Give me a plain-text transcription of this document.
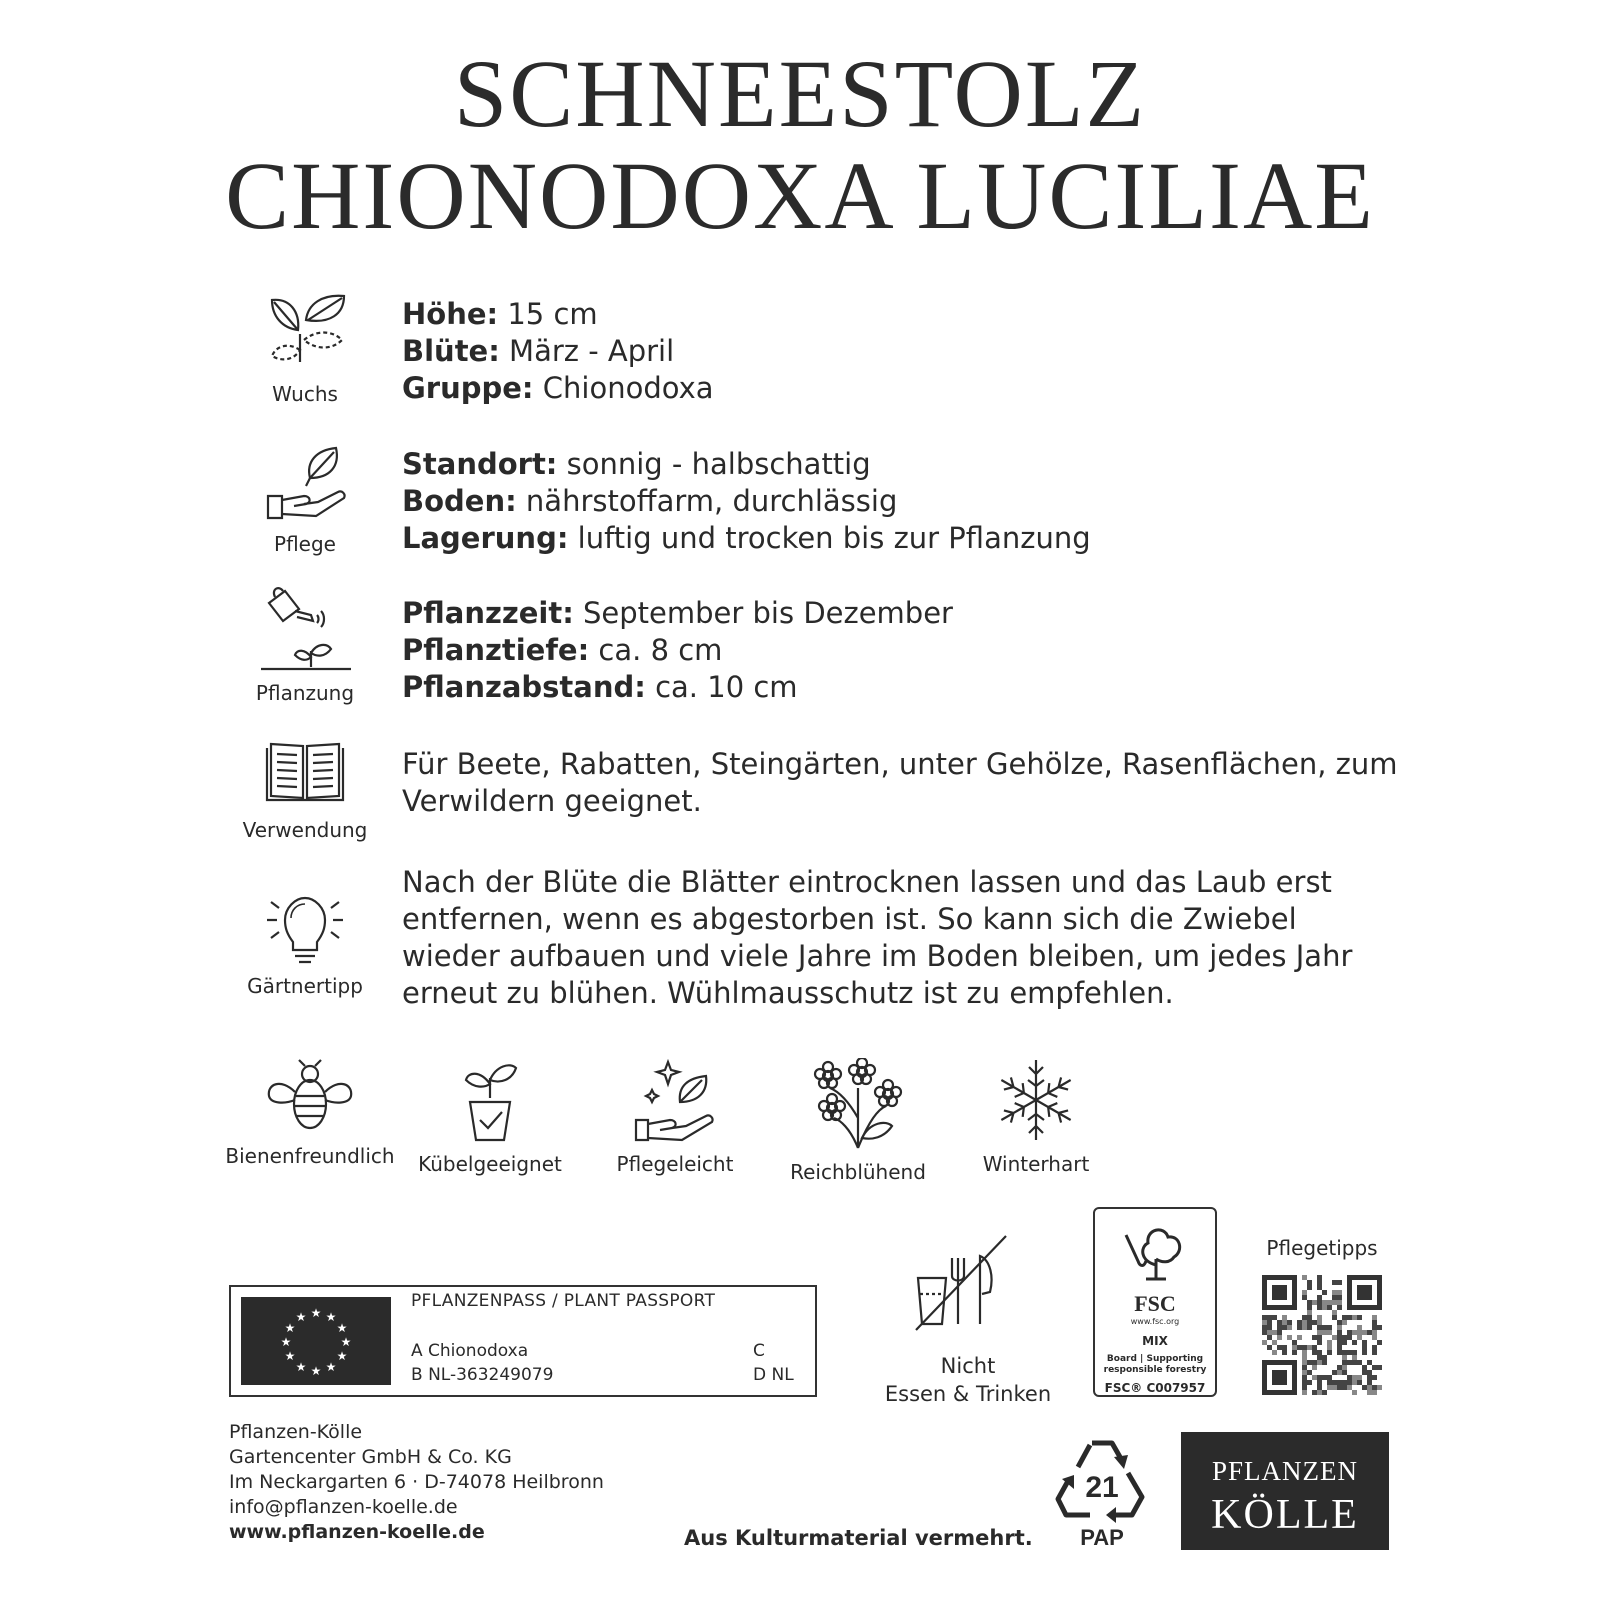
SCHNEESTOLZ
CHIONODOXA LUCILIAE
Wuchs
Höhe: 15 cm
Blüte: März - April
Gruppe: Chionodoxa
Pflege
Standort: sonnig - halbschattig
Boden: nährstoffarm, durchlässig
Lagerung: luftig und trocken bis zur Pflanzung
Pflanzung
Pflanzzeit: September bis Dezember
Pflanztiefe: ca. 8 cm
Pflanzabstand: ca. 10 cm
Verwendung
Für Beete, Rabatten, Steingärten, unter Gehölze, Rasenflächen, zum Verwildern geeignet.
Gärtnertipp
Nach der Blüte die Blätter eintrocknen lassen und das Laub erst entfernen, wenn es abgestorben ist. So kann sich die Zwiebel wieder aufbauen und viele Jahre im Boden bleiben, um jedes Jahr erneut zu blühen. Wühlmausschutz ist zu empfehlen.
Bienenfreundlich	Kübelgeeignet	Pflegeleicht	Reichblühend	Winterhart
★ ★
★
★
★
★
★
★
★
★
★
★
PFLANZENPASS / PLANT PASSPORT
A Chionodoxa
B NL-363249079
C
D NL	Nicht
Essen & Trinken
FSC
www.fsc.org
MIX
Board | Supporting
responsible forestry
FSC® C007957
Pflegetipps
Pflanzen-Kölle
Gartencenter GmbH & Co. KG
Im Neckargarten 6 · D-74078 Heilbronn
info@pflanzen-koelle.de
www.pflanzen-koelle.de	Aus Kulturmaterial vermehrt.
21
PAP
PFLANZEN
KÖLLE
